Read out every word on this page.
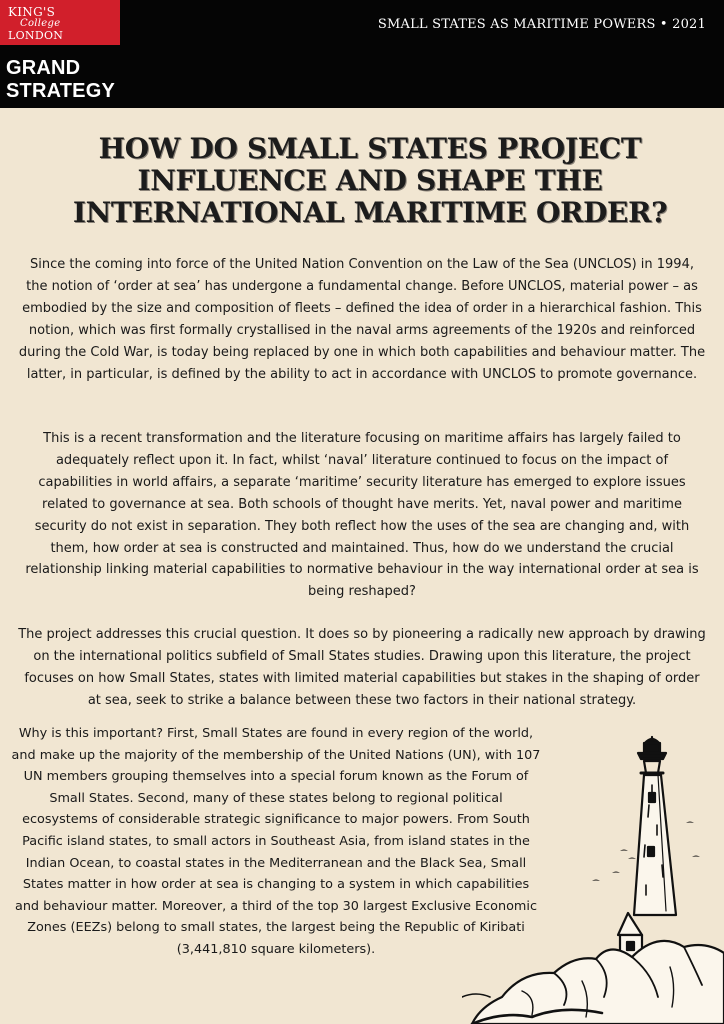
KING'S
College
LONDON
SMALL STATES AS MARITIME POWERS • 2021
GRAND
STRATEGY
HOW DO SMALL STATES PROJECT INFLUENCE AND SHAPE THE INTERNATIONAL MARITIME ORDER?

Since the coming into force of the United Nation Convention on the Law of the Sea (UNCLOS) in 1994, the notion of ‘order at sea’ has undergone a fundamental change. Before UNCLOS, material power – as embodied by the size and composition of fleets – defined the idea of order in a hierarchical fashion. This notion, which was first formally crystallised in the naval arms agreements of the 1920s and reinforced during the Cold War, is today being replaced by one in which both capabilities and behaviour matter. The latter, in particular, is defined by the ability to act in accordance with UNCLOS to promote governance.

This is a recent transformation and the literature focusing on maritime affairs has largely failed to adequately reflect upon it. In fact, whilst ‘naval’ literature continued to focus on the impact of capabilities in world affairs, a separate ‘maritime’ security literature has emerged to explore issues related to governance at sea. Both schools of thought have merits. Yet, naval power and maritime security do not exist in separation. They both reflect how the uses of the sea are changing and, with them, how order at sea is constructed and maintained. Thus, how do we understand the crucial relationship linking material capabilities to normative behaviour in the way international order at sea is being reshaped?

The project addresses this crucial question. It does so by pioneering a radically new approach by drawing on the international politics subfield of Small States studies. Drawing upon this literature, the project focuses on how Small States, states with limited material capabilities but stakes in the shaping of order at sea, seek to strike a balance between these two factors in their national strategy.

Why is this important? First, Small States are found in every region of the world, and make up the majority of the membership of the United Nations (UN), with 107 UN members grouping themselves into a special forum known as the Forum of Small States. Second, many of these states belong to regional political ecosystems of considerable strategic significance to major powers. From South Pacific island states, to small actors in Southeast Asia, from island states in the Indian Ocean, to coastal states in the Mediterranean and the Black Sea, Small States matter in how order at sea is changing to a system in which capabilities and behaviour matter. Moreover, a third of the top 30 largest Exclusive Economic Zones (EEZs) belong to small states, the largest being the Republic of Kiribati (3,441,810 square kilometers).
